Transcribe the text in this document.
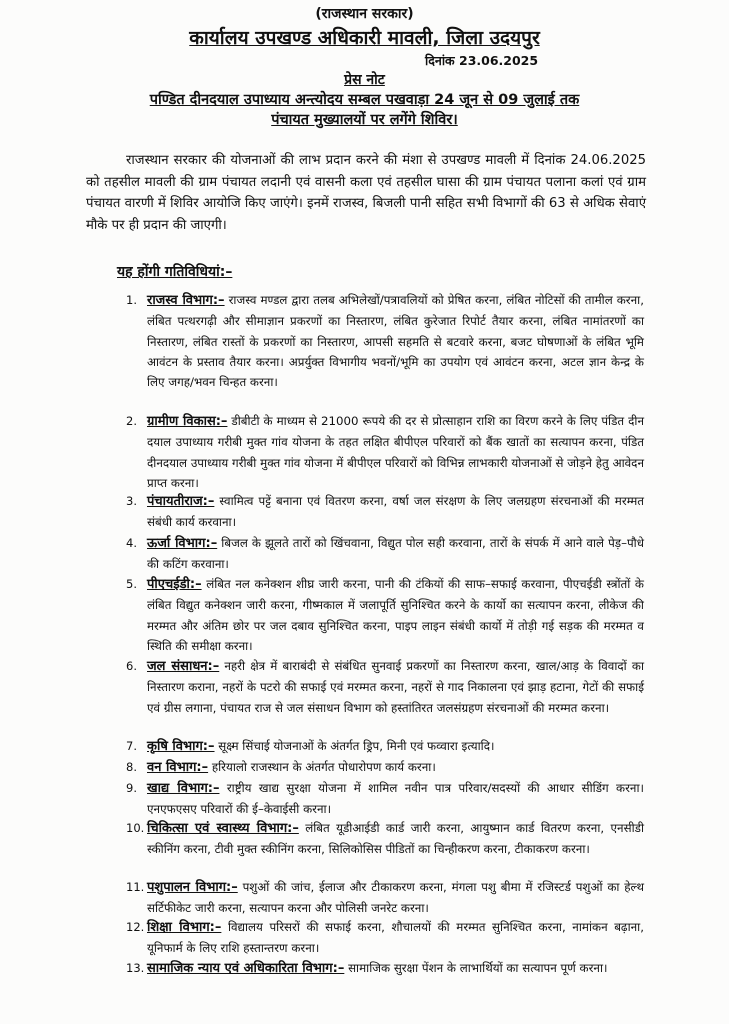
(राजस्थान सरकार)
कार्यालय उपखण्ड अधिकारी मावली, जिला उदयपुर
दिनांक 23.06.2025
प्रेस नोट
पण्डित दीनदयाल उपाध्याय अन्त्योदय सम्बल पखवाड़ा 24 जून से 09 जुलाई तक
पंचायत मुख्यालयों पर लगेंगे शिविर।
राजस्थान सरकार की योजनाओं की लाभ प्रदान करने की मंशा से उपखण्ड मावली में दिनांक 24.06.2025 को तहसील मावली की ग्राम पंचायत लदानी एवं वासनी कला एवं तहसील घासा की ग्राम पंचायत पलाना कलां एवं ग्राम पंचायत वारणी में शिविर आयोजि किए जाएंगे। इनमें राजस्व, बिजली पानी सहित सभी विभागों की 63 से अधिक सेवाएं मौके पर ही प्रदान की जाएगी।
यह होंगी गतिविधियां:–
1. राजस्व विभाग:– राजस्व मण्डल द्वारा तलब अभिलेखों/पत्रावलियों को प्रेषित करना, लंबित नोटिसों की तामील करना, लंबित पत्थरगढ़ी और सीमाज्ञान प्रकरणों का निस्तारण, लंबित कुरेजात रिपोर्ट तैयार करना, लंबित नामांतरणों का निस्तारण, लंबित रास्तों के प्रकरणों का निस्तारण, आपसी सहमति से बटवारे करना, बजट घोषणाओं के लंबित भूमि आवंटन के प्रस्ताव तैयार करना। अप्रर्युक्त विभागीय भवनों/भूमि का उपयोग एवं आवंटन करना, अटल ज्ञान केन्द्र के लिए जगह/भवन चिन्हत करना।
2. ग्रामीण विकास:– डीबीटी के माध्यम से 21000 रूपये की दर से प्रोत्साहान राशि का विरण करने के लिए पंडित दीन दयाल उपाध्याय गरीबी मुक्त गांव योजना के तहत लक्षित बीपीएल परिवारों को बैंक खातों का सत्यापन करना, पंडित दीनदयाल उपाध्याय गरीबी मुक्त गांव योजना में बीपीएल परिवारों को विभिन्न लाभकारी योजनाओं से जोड़ने हेतु आवेदन प्राप्त करना।
3. पंचायतीराज:– स्वामित्व पट्टें बनाना एवं वितरण करना, वर्षा जल संरक्षण के लिए जलग्रहण संरचनाओं की मरम्मत संबंधी कार्य करवाना।
4. ऊर्जा विभाग:– बिजल के झूलते तारों को खिंचवाना, विद्युत पोल सही करवाना, तारों के संपर्क में आने वाले पेड़–पौधे की कटिंग करवाना।
5. पीएचईडी:– लंबित नल कनेक्शन शीघ्र जारी करना, पानी की टंकियों की साफ–सफाई करवाना, पीएचईडी स्त्रोंतों के लंबित विद्युत कनेक्शन जारी करना, गीष्मकाल में जलापूर्ति सुनिश्चित करने के कार्यो का सत्यापन करना, लीकेज की मरम्मत और अंतिम छोर पर जल दबाव सुनिश्चित करना, पाइप लाइन संबंधी कार्यो में तोड़ी गई सड़क की मरम्मत व स्थिति की समीक्षा करना।
6. जल संसाधन:– नहरी क्षेत्र में बाराबंदी से संबंधित सुनवाई प्रकरणों का निस्तारण करना, खाल/आड़ के विवादों का निस्तारण कराना, नहरों के पटरो की सफाई एवं मरम्मत करना, नहरों से गाद निकालना एवं झाड़ हटाना, गेटों की सफाई एवं ग्रीस लगाना, पंचायत राज से जल संसाधन विभाग को हस्तांतिरत जलसंग्रहण संरचनाओं की मरम्मत करना।
7. कृषि विभाग:– सूक्ष्म सिंचाई योजनाओं के अंतर्गत ड्रिप, मिनी एवं फव्वारा इत्यादि।
8. वन विभाग:– हरियालो राजस्थान के अंतर्गत पोधारोपण कार्य करना।
9. खाद्य विभाग:– राष्ट्रीय खाद्य सुरक्षा योजना में शामिल नवीन पात्र परिवार/सदस्यों की आधार सीडिंग करना। एनएफएसए परिवारों की ई–केवाईसी करना।
10. चिकित्सा एवं स्वास्थ्य विभाग:– लंबित यूडीआईडी कार्ड जारी करना, आयुष्मान कार्ड वितरण करना, एनसीडी स्कीनिंग करना, टीवी मुक्त स्कीनिंग करना, सिलिकोसिस पीडितों का चिन्हीकरण करना, टीकाकरण करना।
11. पशुपालन विभाग:– पशुओं की जांच, ईलाज और टीकाकरण करना, मंगला पशु बीमा में रजिस्टर्ड पशुओं का हेल्थ सर्टिफीकेट जारी करना, सत्यापन करना और पोलिसी जनरेट करना।
12. शिक्षा विभाग:– विद्यालय परिसरों की सफाई करना, शौचालयों की मरम्मत सुनिश्चित करना, नामांकन बढ़ाना, यूनिफार्म के लिए राशि हस्तान्तरण करना।
13. सामाजिक न्याय एवं अधिकारिता विभाग:– सामाजिक सुरक्षा पेंशन के लाभार्थियों का सत्यापन पूर्ण करना।
